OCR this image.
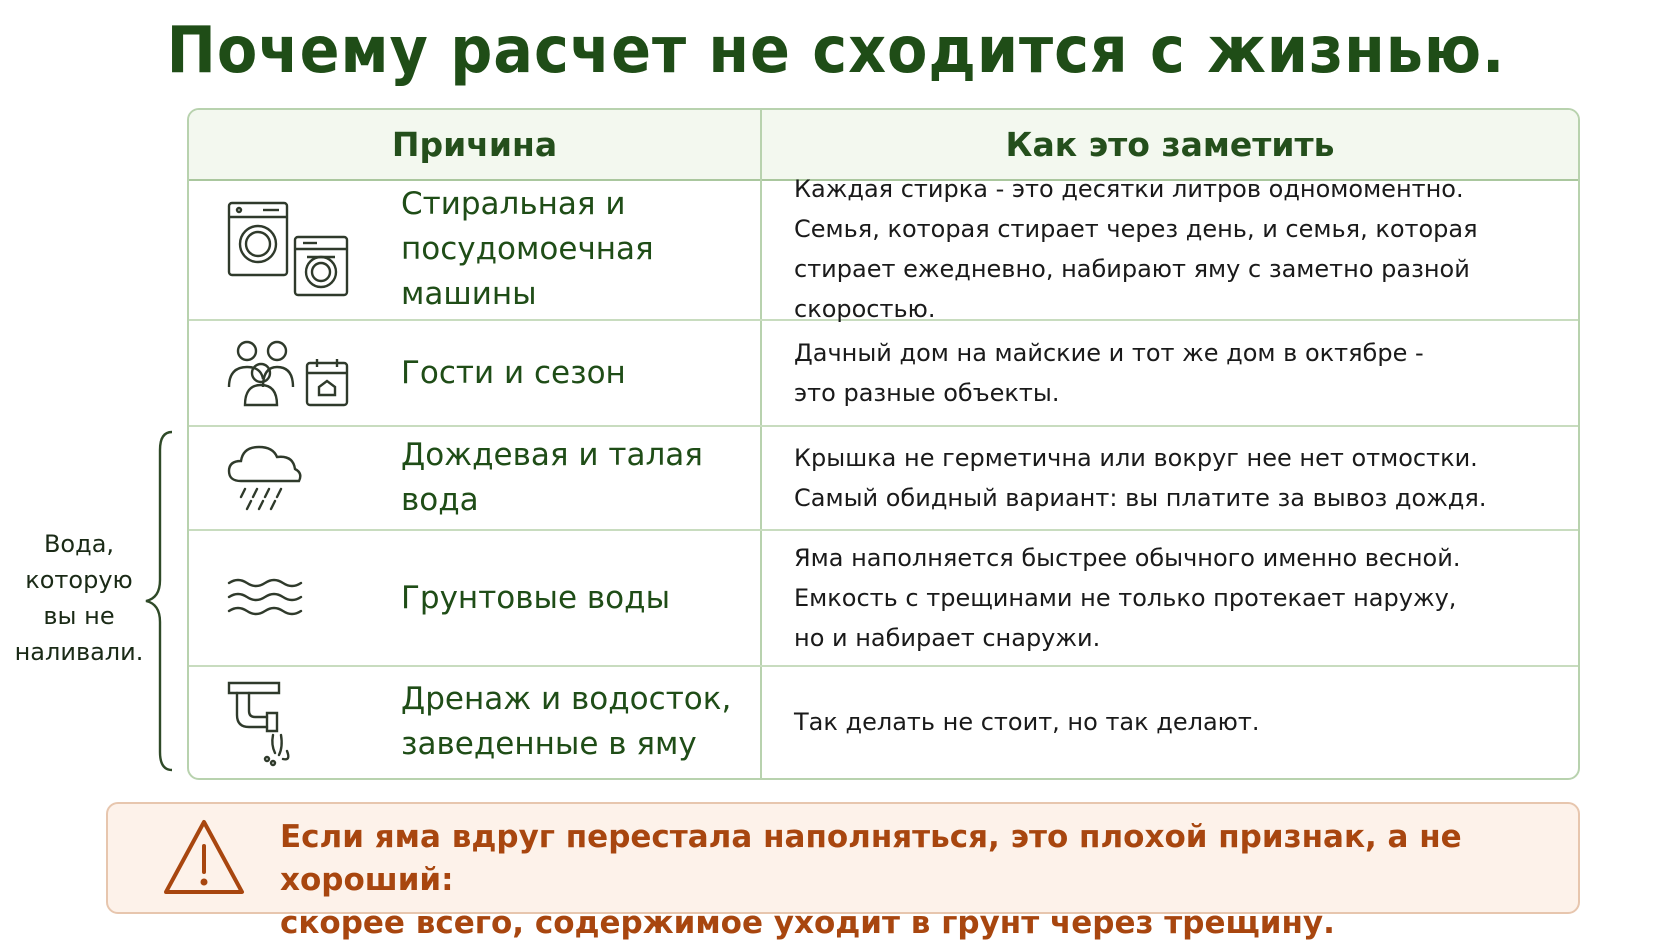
Почему расчет не сходится с жизнью.
Причина	Как это заметить
Стиральная и
посудомоечная машины
Каждая стирка - это десятки литров одномоментно.
Семья, которая стирает через день, и семья, которая
стирает ежедневно, набирают яму с заметно разной скоростью.
Гости и сезон
Дачный дом на майские и тот же дом в октябре -
это разные объекты.
Дождевая и талая вода
Крышка не герметична или вокруг нее нет отмостки.
Самый обидный вариант: вы платите за вывоз дождя.
Грунтовые воды
Яма наполняется быстрее обычного именно весной.
Емкость с трещинами не только протекает наружу,
но и набирает снаружи.
Дренаж и водосток,
заведенные в яму
Так делать не стоит, но так делают.
Вода,
которую
вы не
наливали.
Если яма вдруг перестала наполняться, это плохой признак, а не хороший:
скорее всего, содержимое уходит в грунт через трещину.
